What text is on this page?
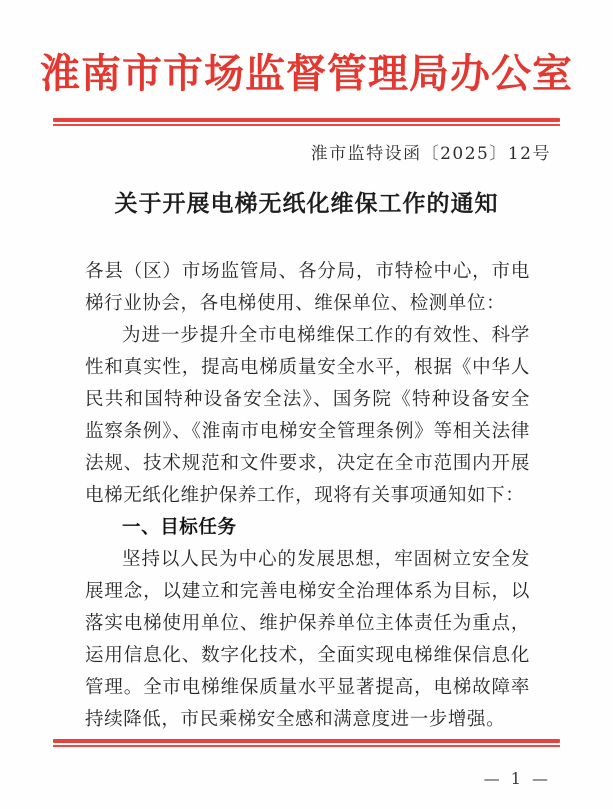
淮南市市场监督管理局办公室
淮市监特设函〔2025〕12号
关于开展电梯无纸化维保工作的通知

各县（区）市场监管局、各分局，市特检中心，市电梯行业协会，各电梯使用、维保单位、检测单位：

为进一步提升全市电梯维保工作的有效性、科学性和真实性，提高电梯质量安全水平，根据《中华人民共和国特种设备安全法》、国务院《特种设备安全监察条例》、《淮南市电梯安全管理条例》等相关法律法规、技术规范和文件要求，决定在全市范围内开展电梯无纸化维护保养工作，现将有关事项通知如下：

一、目标任务

坚持以人民为中心的发展思想，牢固树立安全发展理念，以建立和完善电梯安全治理体系为目标，以落实电梯使用单位、维护保养单位主体责任为重点，运用信息化、数字化技术，全面实现电梯维保信息化管理。全市电梯维保质量水平显著提高，电梯故障率持续降低，市民乘梯安全感和满意度进一步增强。

— 1 —
